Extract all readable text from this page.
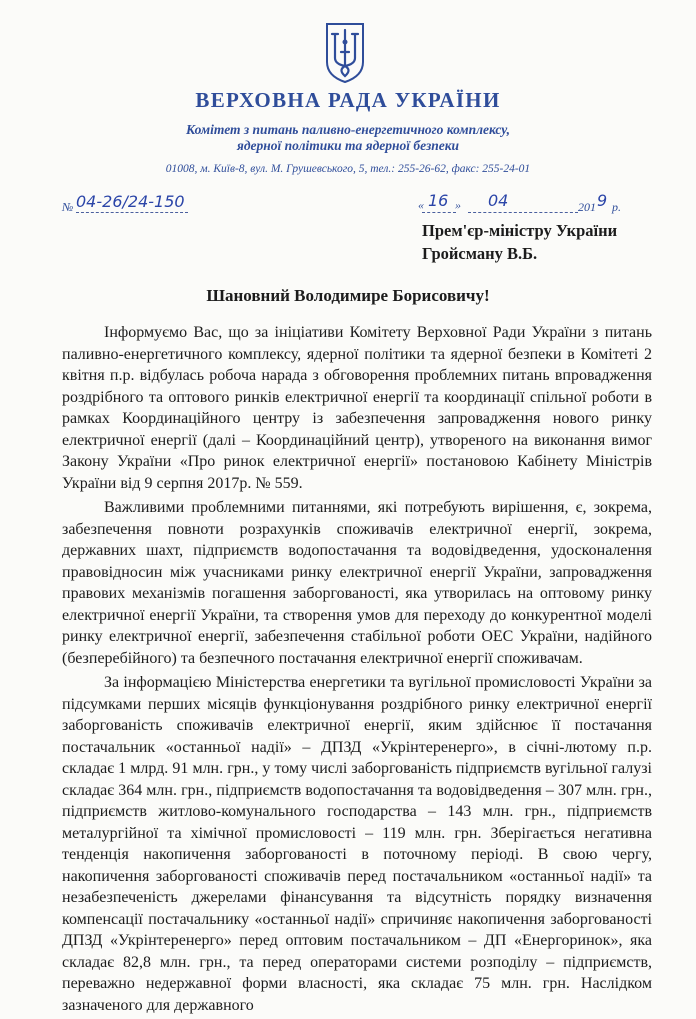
ВЕРХОВНА РАДА УКРАЇНИ
Комітет з питань паливно-енергетичного комплексу,
ядерної політики та ядерної безпеки
01008, м. Київ-8, вул. М. Грушевського, 5, тел.: 255-26-62, факс: 255-24-01
№ 04-26/24-150	« 16 » 04	201 9 р.
Прем'єр-міністру України
Гройсману В.Б.
Шановний Володимире Борисовичу!

Інформуємо Вас, що за ініціативи Комітету Верховної Ради України з питань паливно-енергетичного комплексу, ядерної політики та ядерної безпеки в Комітеті 2 квітня п.р. відбулась робоча нарада з обговорення проблемних питань впровадження роздрібного та оптового ринків електричної енергії та координації спільної роботи в рамках Координаційного центру із забезпечення запровадження нового ринку електричної енергії (далі – Координаційний центр), утвореного на виконання вимог Закону України «Про ринок електричної енергії» постановою Кабінету Міністрів України від 9 серпня 2017р. № 559.

Важливими проблемними питаннями, які потребують вирішення, є, зокрема, забезпечення повноти розрахунків споживачів електричної енергії, зокрема, державних шахт, підприємств водопостачання та водовідведення, удосконалення правовідносин між учасниками ринку електричної енергії України, запровадження правових механізмів погашення заборгованості, яка утворилась на оптовому ринку електричної енергії України, та створення умов для переходу до конкурентної моделі ринку електричної енергії, забезпечення стабільної роботи ОЕС України, надійного (безперебійного) та безпечного постачання електричної енергії споживачам.

За інформацією Міністерства енергетики та вугільної промисловості України за підсумками перших місяців функціонування роздрібного ринку електричної енергії заборгованість споживачів електричної енергії, яким здійснює її постачання постачальник «останньої надії» – ДПЗД «Укрінтеренерго», в січні-лютому п.р. складає 1 млрд. 91 млн. грн., у тому числі заборгованість підприємств вугільної галузі складає 364 млн. грн., підприємств водопостачання та водовідведення – 307 млн. грн., підприємств житлово-комунального господарства – 143 млн. грн., підприємств металургійної та хімічної промисловості – 119 млн. грн. Зберігається негативна тенденція накопичення заборгованості в поточному періоді. В свою чергу, накопичення заборгованості споживачів перед постачальником «останньої надії» та незабезпеченість джерелами фінансування та відсутність порядку визначення компенсації постачальнику «останньої надії» спричиняє накопичення заборгованості ДПЗД «Укрінтеренерго» перед оптовим постачальником – ДП «Енергоринок», яка складає 82,8 млн. грн., та перед операторами системи розподілу – підприємств, переважно недержавної форми власності, яка складає 75 млн. грн. Наслідком зазначеного для державного
